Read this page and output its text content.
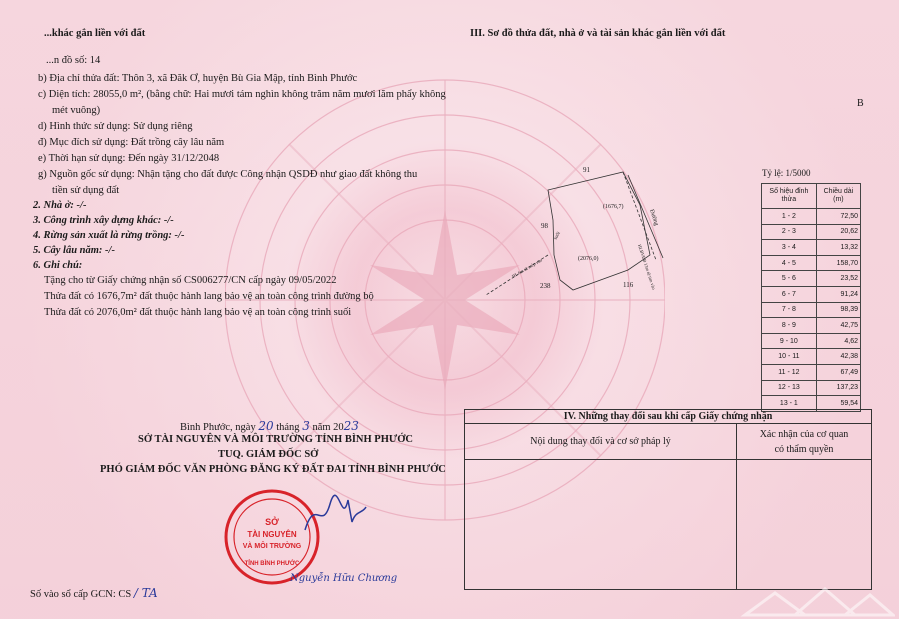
...khác gắn liền với đất	III. Sơ đồ thửa đất, nhà ở và tài sản khác gắn liền với đất
...n đồ số: 14
b) Địa chỉ thửa đất: Thôn 3, xã Đăk Ơ, huyện Bù Gia Mập, tỉnh Bình Phước
c) Diện tích: 28055,0 m², (bằng chữ: Hai mươi tám nghìn không trăm năm mươi lăm phẩy không
mét vuông)
d) Hình thức sử dụng: Sử dụng riêng
đ) Mục đích sử dụng: Đất trồng cây lâu năm
e) Thời hạn sử dụng: Đến ngày 31/12/2048
g) Nguồn gốc sử dụng: Nhận tặng cho đất được Công nhận QSDĐ như giao đất không thu
tiền sử dụng đất
2. Nhà ở: -/-
3. Công trình xây dựng khác: -/-
4. Rừng sản xuất là rừng trồng: -/-
5. Cây lâu năm: -/-
6. Ghi chú:
Tặng cho từ Giấy chứng nhận số CS006277/CN cấp ngày 09/05/2022
Thửa đất có 1676,7m² đất thuộc hành lang bảo vệ an toàn công trình đường bộ
Thửa đất có 2076,0m² đất thuộc hành lang bảo vệ an toàn công trình suối
B
91
98
238	116
(1676,7)
(2076,0)
Đường
HLBVĐB 13m từ tim vào
suối
HL 6m từ mép vào
Tỷ lệ: 1/5000
Số hiệu đỉnh thửa	Chiều dài (m)
1 - 2	72,50
2 - 3	20,62
3 - 4	13,32
4 - 5	158,70
5 - 6	23,52
6 - 7	91,24
7 - 8	98,39
8 - 9	42,75
9 - 10	4,62
10 - 11	42,38
11 - 12	67,49
12 - 13	137,23
13 - 1	59,54
Bình Phước, ngày 20 tháng 3 năm 2023
SỞ TÀI NGUYÊN VÀ MÔI TRƯỜNG TỈNH BÌNH PHƯỚC
TUQ. GIÁM ĐỐC SỞ
PHÓ GIÁM ĐỐC VĂN PHÒNG ĐĂNG KÝ ĐẤT ĐAI TỈNH BÌNH PHƯỚC
SỞ
TÀI NGUYÊN
VÀ MÔI TRƯỜNG
TỈNH BÌNH PHƯỚC
Nguyễn Hữu Chương
IV. Những thay đổi sau khi cấp Giấy chứng nhận	
Nội dung thay đổi và cơ sở pháp lý	Xác nhận của cơ quan
có thẩm quyền

Số vào sổ cấp GCN: CS / TA
